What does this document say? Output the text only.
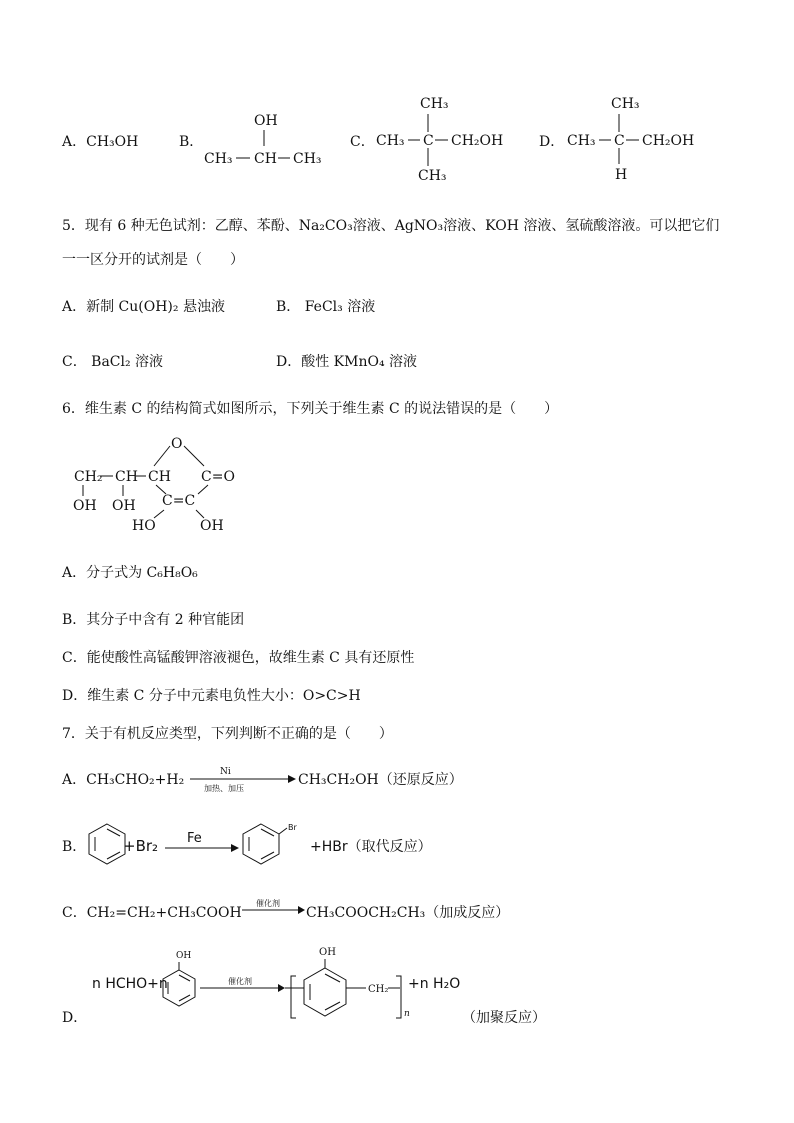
A．CH₃OH	B．
OH
CH₃ CH CH₃
C．
CH₃
CH₃ C CH₂OH
CH₃
D．
CH₃
CH₃ C CH₂OH
H
5．现有 6 种无色试剂：乙醇、苯酚、Na₂CO₃溶液、AgNO₃溶液、KOH 溶液、氢硫酸溶液。可以把它们
一一区分开的试剂是（　　）
A．新制 Cu(OH)₂ 悬浊液	B． FeCl₃ 溶液
C． BaCl₂ 溶液	D．酸性 KMnO₄ 溶液
6．维生素 C 的结构简式如图所示，下列关于维生素 C 的说法错误的是（　　）
O
CH₂ CH CH C=O
OH OH C=C
HO	OH
A．分子式为 C₆H₈O₆
B．其分子中含有 2 种官能团
C．能使酸性高锰酸钾溶液褪色，故维生素 C 具有还原性
D．维生素 C 分子中元素电负性大小：O>C>H
7．关于有机反应类型，下列判断不正确的是（　　）
A．CH₃CHO₂+H₂	Ni
加热、加压
CH₃CH₂OH（还原反应）
B． +Br₂ Fe
Br
+HBr（取代反应）
C．CH₂=CH₂+CH₃COOH
催化剂
CH₃COOCH₂CH₃（加成反应）
D．
n HCHO+n
OH
催化剂
OH
CH₂
n
+n H₂O
（加聚反应）
